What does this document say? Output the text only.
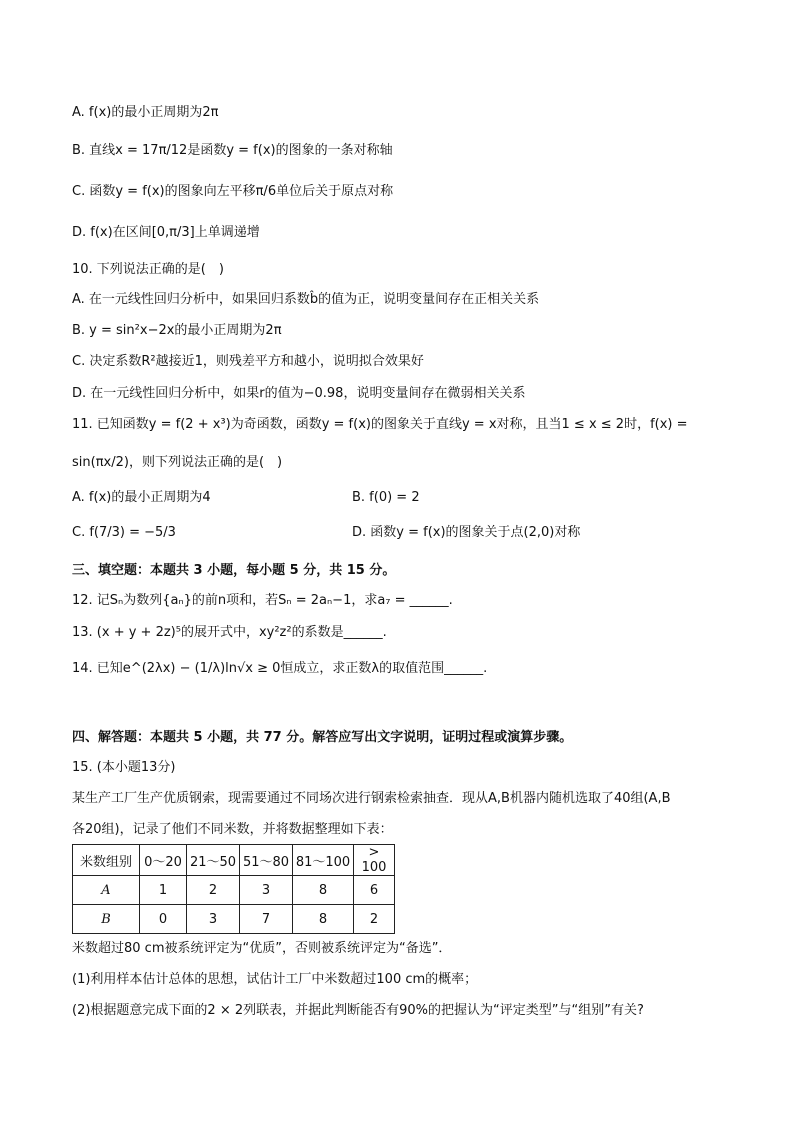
A. f(x)的最小正周期为2π
B. 直线x = 17π/12是函数y = f(x)的图象的一条对称轴
C. 函数y = f(x)的图象向左平移π/6单位后关于原点对称
D. f(x)在区间[0,π/3]上单调递增
10. 下列说法正确的是(　)
A. 在一元线性回归分析中，如果回归系数b̂的值为正，说明变量间存在正相关关系
B. y = sin²x−2x的最小正周期为2π
C. 决定系数R²越接近1，则残差平方和越小，说明拟合效果好
D. 在一元线性回归分析中，如果r的值为−0.98，说明变量间存在微弱相关关系
11. 已知函数y = f(2 + x³)为奇函数，函数y = f(x)的图象关于直线y = x对称，且当1 ≤ x ≤ 2时，f(x) =
sin(πx/2)，则下列说法正确的是(　)
A. f(x)的最小正周期为4	B. f(0) = 2
C. f(7/3) = −5/3	D. 函数y = f(x)的图象关于点(2,0)对称
三、填空题：本题共 3 小题，每小题 5 分，共 15 分。
12. 记Sₙ为数列{aₙ}的前n项和，若Sₙ = 2aₙ−1，求a₇ = ______.
13. (x + y + 2z)⁵的展开式中，xy²z²的系数是______.
14. 已知e^(2λx) − (1/λ)ln√x ≥ 0恒成立，求正数λ的取值范围______.
四、解答题：本题共 5 小题，共 77 分。解答应写出文字说明，证明过程或演算步骤。
15. (本小题13分)
某生产工厂生产优质钢索，现需要通过不同场次进行钢索检索抽查．现从A,B机器内随机选取了40组(A,B
各20组)，记录了他们不同米数，并将数据整理如下表：
米数组别	0～20	21～50	51～80	81～100	> 100
A	1	2	3	8	6
B	0	3	7	8	2
米数超过80 cm被系统评定为“优质”，否则被系统评定为“备选”．
(1)利用样本估计总体的思想，试估计工厂中米数超过100 cm的概率；
(2)根据题意完成下面的2 × 2列联表，并据此判断能否有90%的把握认为“评定类型”与“组别”有关?
